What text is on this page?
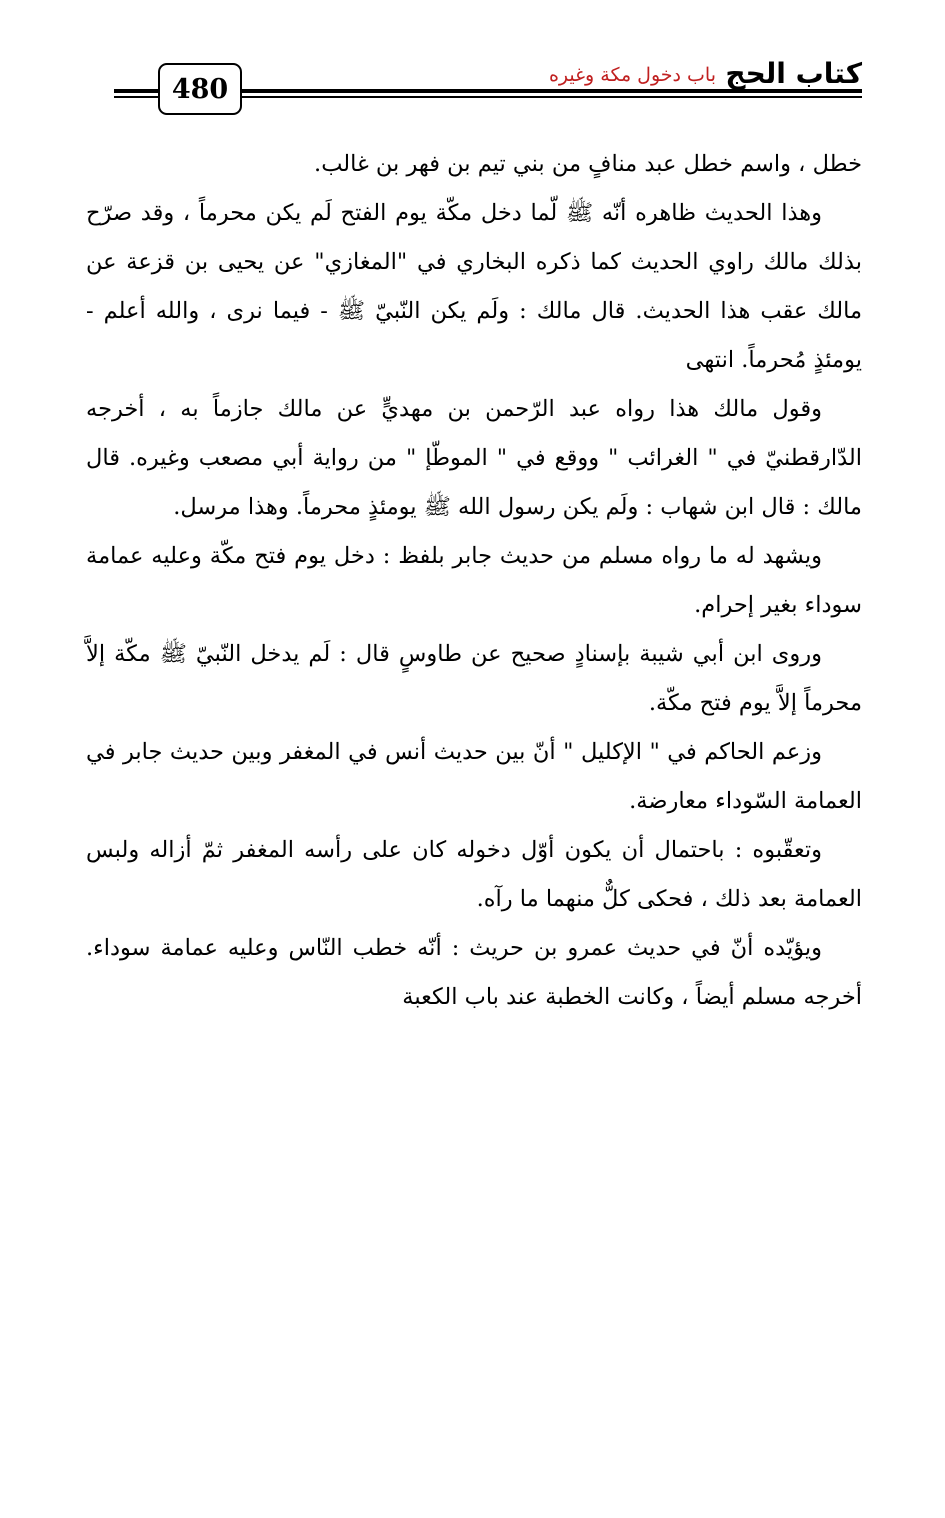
كتاب الحج
باب دخول مكة وغيره
480

خطل ، واسم خطل عبد منافٍ من بني تيم بن فهر بن غالب.

وهذا الحديث ظاهره أنّه ﷺ لّما دخل مكّة يوم الفتح لَم يكن محرماً ، وقد صرّح بذلك مالك راوي الحديث كما ذكره البخاري في "المغازي" عن يحيى بن قزعة عن مالك عقب هذا الحديث. قال مالك : ولَم يكن النّبيّ ﷺ - فيما نرى ، والله أعلم - يومئذٍ مُحرماً. انتهى

وقول مالك هذا رواه عبد الرّحمن بن مهديٍّ عن مالك جازماً به ، أخرجه الدّارقطنيّ في " الغرائب " ووقع في " الموطّإ " من رواية أبي مصعب وغيره. قال مالك : قال ابن شهاب : ولَم يكن رسول الله ﷺ يومئذٍ محرماً. وهذا مرسل.

ويشهد له ما رواه مسلم من حديث جابر بلفظ : دخل يوم فتح مكّة وعليه عمامة سوداء بغير إحرام.

وروى ابن أبي شيبة بإسنادٍ صحيح عن طاوسٍ قال : لَم يدخل النّبيّ ﷺ مكّة إلاَّ محرماً إلاَّ يوم فتح مكّة.

وزعم الحاكم في " الإكليل " أنّ بين حديث أنس في المغفر وبين حديث جابر في العمامة السّوداء معارضة.

وتعقّبوه : باحتمال أن يكون أوّل دخوله كان على رأسه المغفر ثمّ أزاله ولبس العمامة بعد ذلك ، فحكى كلٌّ منهما ما رآه.

ويؤيّده أنّ في حديث عمرو بن حريث : أنّه خطب النّاس وعليه عمامة سوداء. أخرجه مسلم أيضاً ، وكانت الخطبة عند باب الكعبة
